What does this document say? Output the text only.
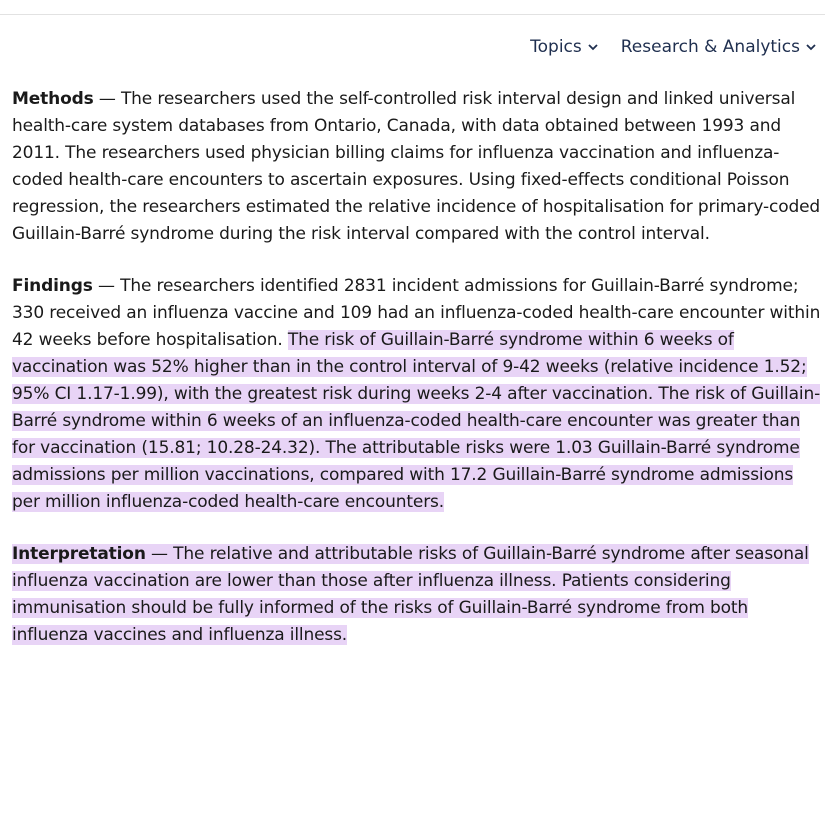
Topics Research & Analytics

Methods — The researchers used the self-controlled risk interval design and linked universal health-care system databases from Ontario, Canada, with data obtained between 1993 and 2011. The researchers used physician billing claims for influenza vaccination and influenza-coded health-care encounters to ascertain exposures. Using fixed-effects conditional Poisson regression, the researchers estimated the relative incidence of hospitalisation for primary-coded Guillain-Barré syndrome during the risk interval compared with the control interval.

Findings — The researchers identified 2831 incident admissions for Guillain-Barré syndrome; 330 received an influenza vaccine and 109 had an influenza-coded health-care encounter within 42 weeks before hospitalisation. The risk of Guillain-Barré syndrome within 6 weeks of vaccination was 52% higher than in the control interval of 9-42 weeks (relative incidence 1.52; 95% CI 1.17-1.99), with the greatest risk during weeks 2-4 after vaccination. The risk of Guillain-Barré syndrome within 6 weeks of an influenza-coded health-care encounter was greater than for vaccination (15.81; 10.28-24.32). The attributable risks were 1.03 Guillain-Barré syndrome admissions per million vaccinations, compared with 17.2 Guillain-Barré syndrome admissions per million influenza-coded health-care encounters.

Interpretation — The relative and attributable risks of Guillain-Barré syndrome after seasonal influenza vaccination are lower than those after influenza illness. Patients considering immunisation should be fully informed of the risks of Guillain-Barré syndrome from both influenza vaccines and influenza illness.
